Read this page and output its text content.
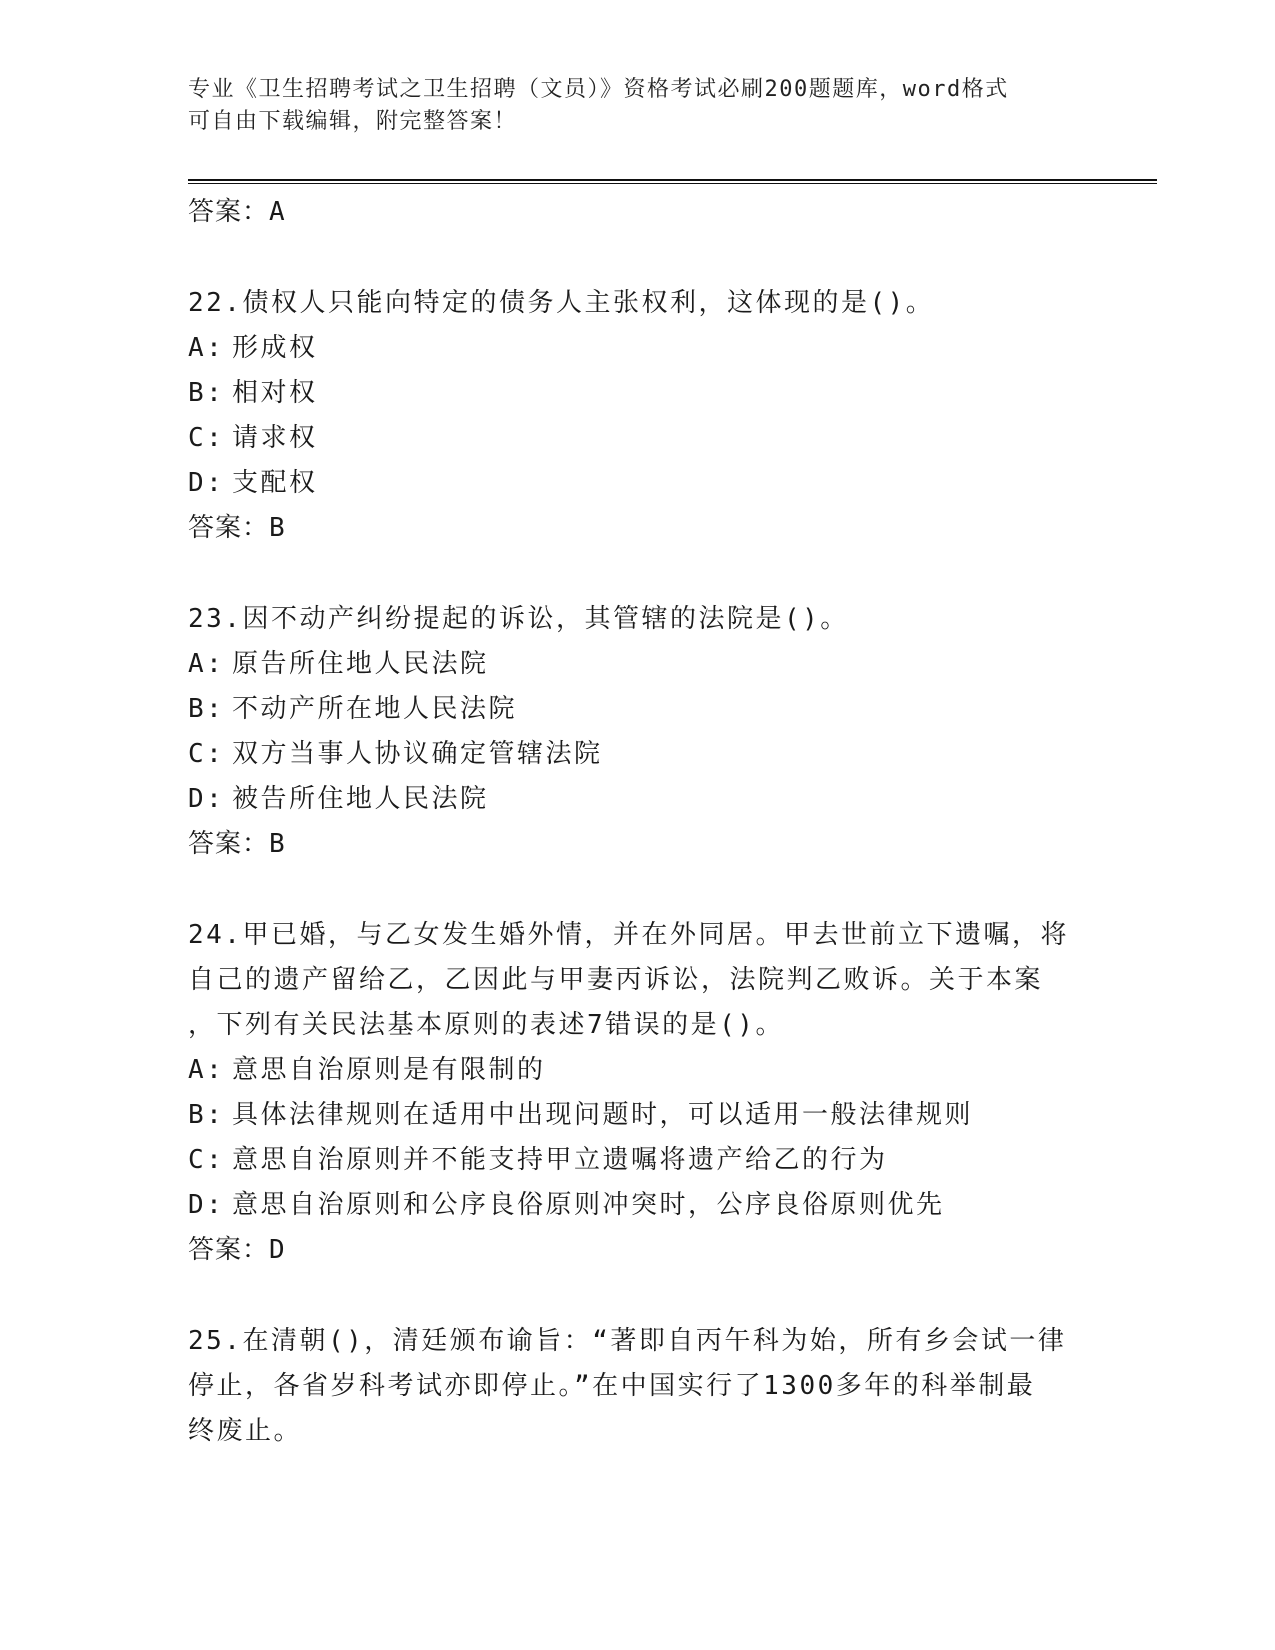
专业《卫生招聘考试之卫生招聘（文员）》资格考试必刷200题题库，word格式
可自由下载编辑，附完整答案！
答案：A
22.债权人只能向特定的债务人主张权利，这体现的是()。
A: 形成权
B: 相对权
C: 请求权
D: 支配权
答案：B
23.因不动产纠纷提起的诉讼，其管辖的法院是()。
A: 原告所住地人民法院
B: 不动产所在地人民法院
C: 双方当事人协议确定管辖法院
D: 被告所住地人民法院
答案：B
24.甲已婚，与乙女发生婚外情，并在外同居。甲去世前立下遗嘱，将
自己的遗产留给乙，乙因此与甲妻丙诉讼，法院判乙败诉。关于本案
，下列有关民法基本原则的表述7错误的是()。
A: 意思自治原则是有限制的
B: 具体法律规则在适用中出现问题时，可以适用一般法律规则
C: 意思自治原则并不能支持甲立遗嘱将遗产给乙的行为
D: 意思自治原则和公序良俗原则冲突时，公序良俗原则优先
答案：D
25.在清朝()，清廷颁布谕旨：“著即自丙午科为始，所有乡会试一律
停止，各省岁科考试亦即停止。”在中国实行了1300多年的科举制最
终废止。
